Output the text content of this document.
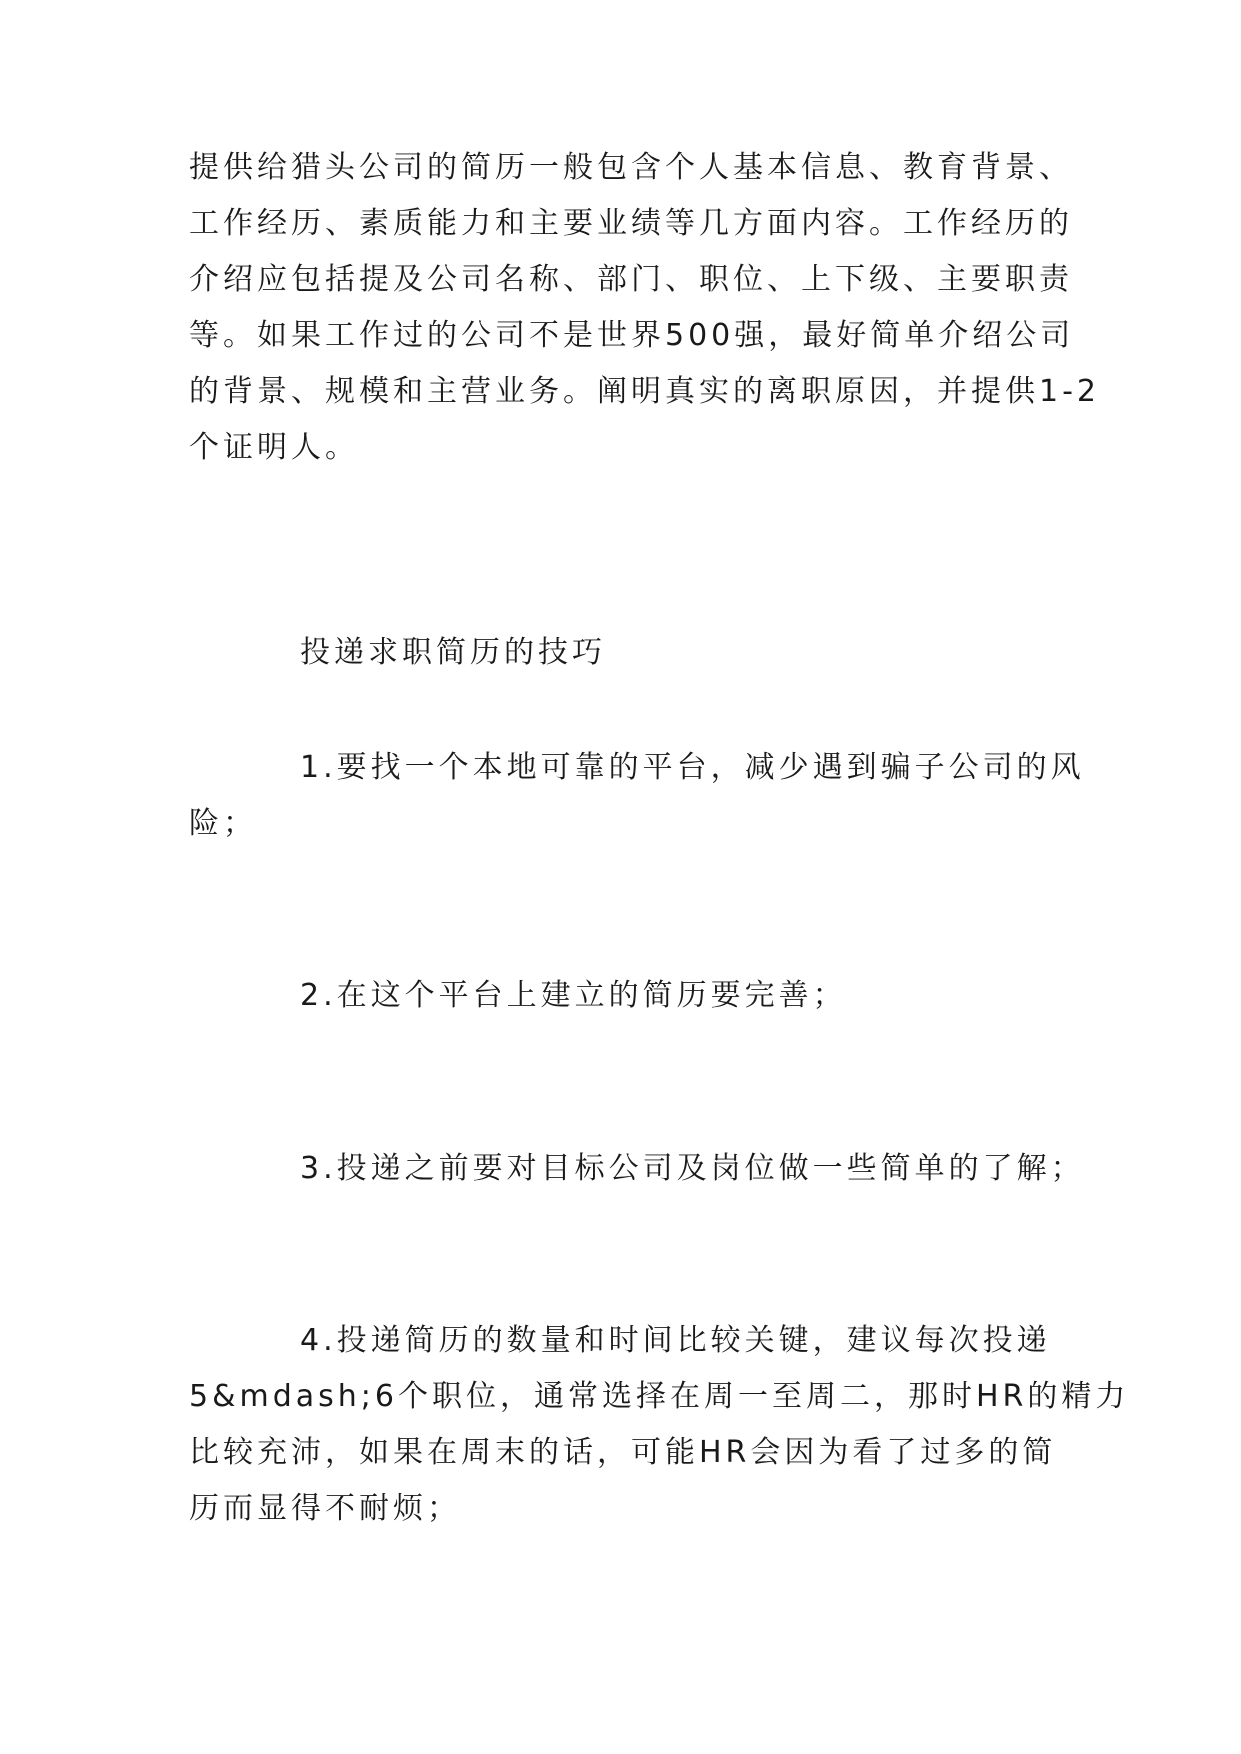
提供给猎头公司的简历一般包含个人基本信息、教育背景、
工作经历、素质能力和主要业绩等几方面内容。工作经历的
介绍应包括提及公司名称、部门、职位、上下级、主要职责
等。如果工作过的公司不是世界500强，最好简单介绍公司
的背景、规模和主营业务。阐明真实的离职原因，并提供1-2
个证明人。
投递求职简历的技巧
1.要找一个本地可靠的平台，减少遇到骗子公司的风
险；
2.在这个平台上建立的简历要完善；
3.投递之前要对目标公司及岗位做一些简单的了解；
4.投递简历的数量和时间比较关键，建议每次投递
5&mdash;6个职位，通常选择在周一至周二，那时HR的精力
比较充沛，如果在周末的话，可能HR会因为看了过多的简
历而显得不耐烦；
